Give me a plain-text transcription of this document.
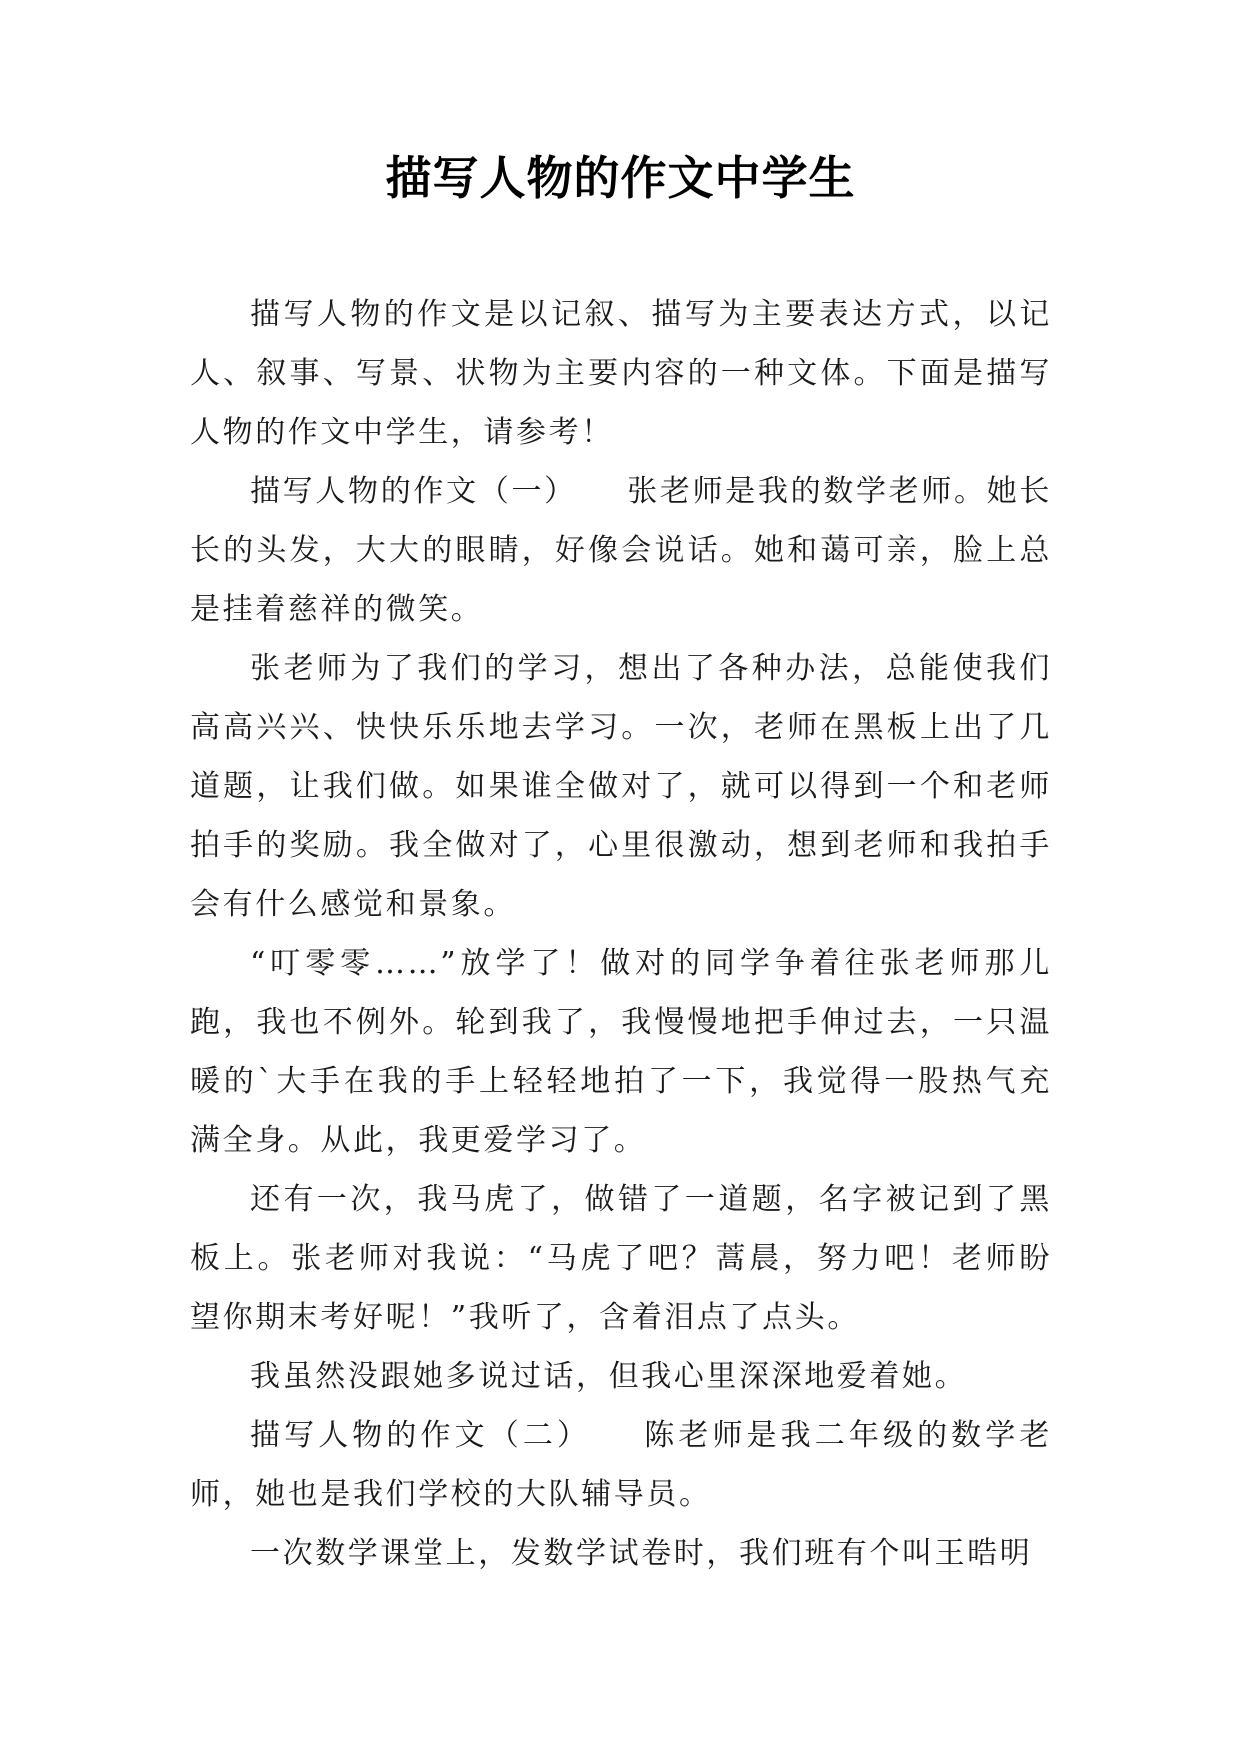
描写人物的作文中学生

描写人物的作文是以记叙、描写为主要表达方式，以记人、叙事、写景、状物为主要内容的一种文体。下面是描写人物的作文中学生，请参考！

描写人物的作文（一）　　张老师是我的数学老师。她长长的头发，大大的眼睛，好像会说话。她和蔼可亲，脸上总是挂着慈祥的微笑。

张老师为了我们的学习，想出了各种办法，总能使我们高高兴兴、快快乐乐地去学习。一次，老师在黑板上出了几道题，让我们做。如果谁全做对了，就可以得到一个和老师拍手的奖励。我全做对了，心里很激动，想到老师和我拍手会有什么感觉和景象。

“叮零零……”放学了！做对的同学争着往张老师那儿跑，我也不例外。轮到我了，我慢慢地把手伸过去，一只温暖的`大手在我的手上轻轻地拍了一下，我觉得一股热气充满全身。从此，我更爱学习了。

还有一次，我马虎了，做错了一道题，名字被记到了黑板上。张老师对我说：“马虎了吧？蒿晨，努力吧！老师盼望你期末考好呢！”我听了，含着泪点了点头。

我虽然没跟她多说过话，但我心里深深地爱着她。

描写人物的作文（二）　　陈老师是我二年级的数学老师，她也是我们学校的大队辅导员。

一次数学课堂上，发数学试卷时，我们班有个叫王晧明
